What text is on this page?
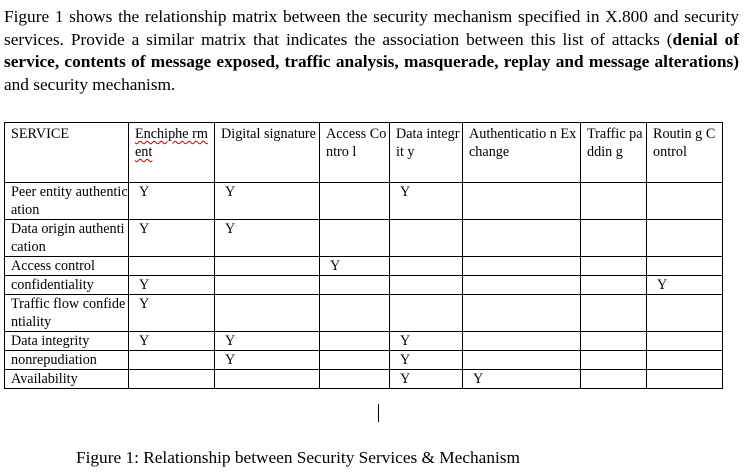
Figure 1 shows the relationship matrix between the security mechanism specified in X.800 and security services. Provide a similar matrix that indicates the association between this list of attacks (denial of service, contents of message exposed, traffic analysis, masquerade, replay and message alterations) and security mechanism.
SERVICE	Enchiphe rment	Digital signature	Access Contro l	Data integrit y	Authenticatio n Exchange	Traffic paddin g	Routin g Control
Peer entity authentication	Y	Y		Y			
Data origin authentication	Y	Y					
Access control			Y				
confidentiality	Y						Y
Traffic flow confidentiality	Y						
Data integrity	Y	Y		Y			
nonrepudiation		Y		Y			
Availability				Y	Y		
Figure 1: Relationship between Security Services & Mechanism
